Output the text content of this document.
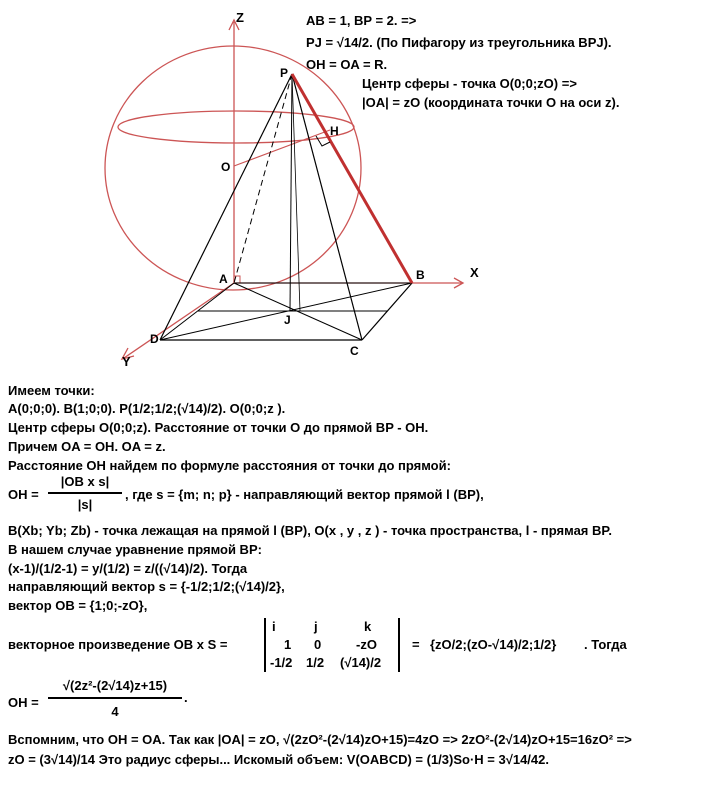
Z
X
Y
P
H
O
A	B
C
D
J
AB = 1, BP = 2. =>
PJ = √14/2. (По Пифагору из треугольника BPJ).
OH = OA = R.
Центр сферы - точка O(0;0;zO) =>
|OA| = zO (координата точки O на оси z).
Имеем точки:
A(0;0;0). B(1;0;0). P(1/2;1/2;(√14)/2). O(0;0;z ).
Центр сферы O(0;0;z). Расстояние от точки O до прямой BP - OH.
Причем OA = OH. OA = z.
Расстояние OH найдем по формуле расстояния от точки до прямой:
OH =
|OB x s|
|s|
, где s = {m; n; p} - направляющий вектор прямой l (BP),
B(Xb; Yb; Zb) - точка лежащая на прямой l (BP), O(x , y , z ) - точка пространства, l - прямая BP.
В нашем случае уравнение прямой BP:
(x-1)/(1/2-1) = y/(1/2) = z/((√14)/2). Тогда
направляющий вектор s = {-1/2;1/2;(√14)/2},
вектор OB = {1;0;-zO},
векторное произведение OB x S =
i	j	k
1 0	-zO
-1/2 1/2 (√14)/2
= {zO/2;(zO-√14)/2;1/2} . Тогда
OH =
√(2z²-(2√14)z+15)
4
.
Вспомним, что OH = OA. Так как |OA| = zO, √(2zO²-(2√14)zO+15)=4zO => 2zO²-(2√14)zO+15=16zO² =>
zO = (3√14)/14 Это радиус сферы... Искомый объем: V(OABCD) = (1/3)So·H = 3√14/42.
